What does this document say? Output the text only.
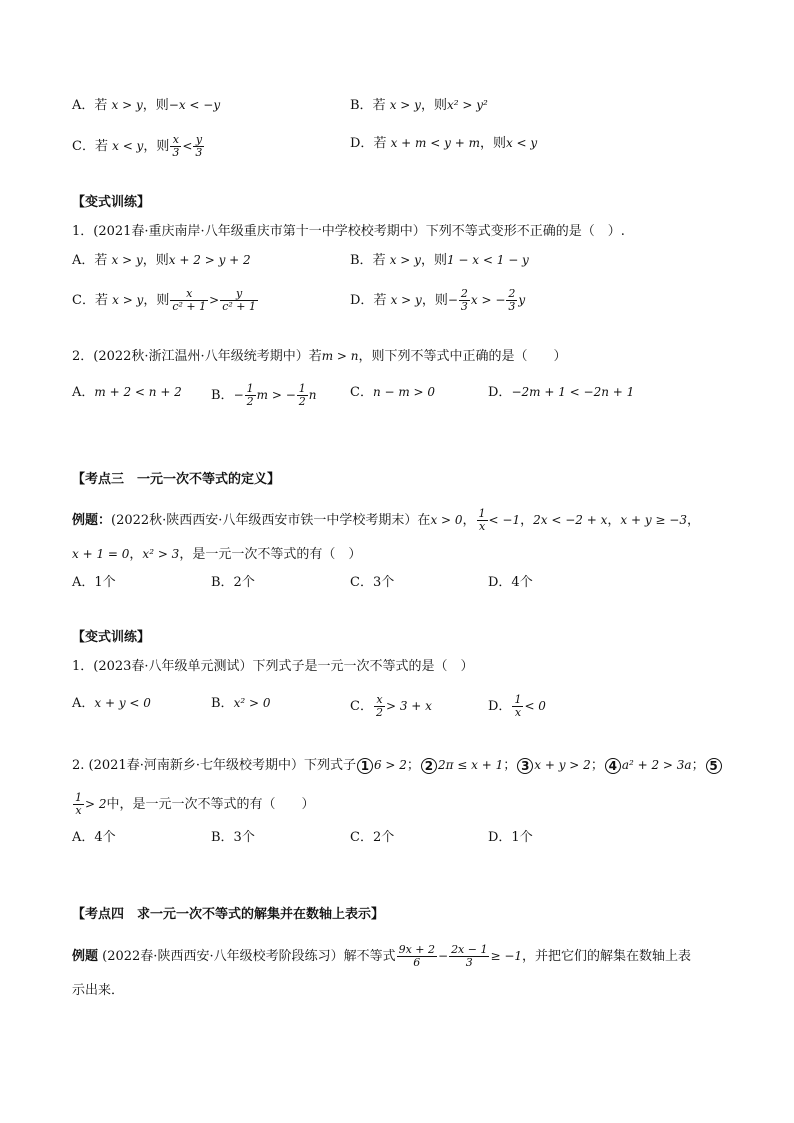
A．若 x > y，则−x < −y	B．若 x > y，则x² > y²
C．若 x < y，则 $\frac{x}{3} < \frac{y}{3}$	D．若 x + m < y + m，则x < y
【变式训练】
1．(2021春·重庆南岸·八年级重庆市第十一中学校校考期中）下列不等式变形不正确的是（　）.
A．若 x > y，则x + 2 > y + 2	B．若 x > y，则1 − x < 1 − y
C．若 x > y，则 $\frac{x}{\text{c² + 1}} > \frac{y}{\text{c² + 1}}$	D．若 x > y，则− $\frac{2}{3}$ x > − $\frac{2}{3}$ y
2．(2022秋·浙江温州·八年级统考期中）若m > n，则下列不等式中正确的是（　　）
A．m + 2 < n + 2 B．− $\frac{1}{2}$ m > − $\frac{1}{2}$ n	C．n − m > 0	D．−2m + 1 < −2n + 1
【考点三　一元一次不等式的定义】
例题：(2022秋·陕西西安·八年级西安市铁一中学校考期末）在x > 0， $\frac{1}{x} < -1$，2x < −2 + x，x + y ≥ −3，
x + 1 = 0，x² > 3，是一元一次不等式的有（　）
A．1个	B．2个	C．3个	D．4个
【变式训练】
1．(2023春·八年级单元测试）下列式子是一元一次不等式的是（　）
A．x + y < 0	B．x² > 0	C． $\frac{x}{2} > 3 + x$	D． $\frac{1}{x} < 0$
2. (2021春·河南新乡·七年级校考期中）下列式子 1 6 > 2； 2 2π ≤ x + 1； 3 x + y > 2； 4 a² + 2 > 3a； 5
$\frac{1}{x} > 2$中，是一元一次不等式的有（　　）
A．4个	B．3个	C．2个	D．1个
【考点四　求一元一次不等式的解集并在数轴上表示】
例题 (2022春·陕西西安·八年级校考阶段练习）解不等式 $\frac{9x + 2}{6} - \frac{2x - 1}{3} \ge -1$，并把它们的解集在数轴上表
示出来．
